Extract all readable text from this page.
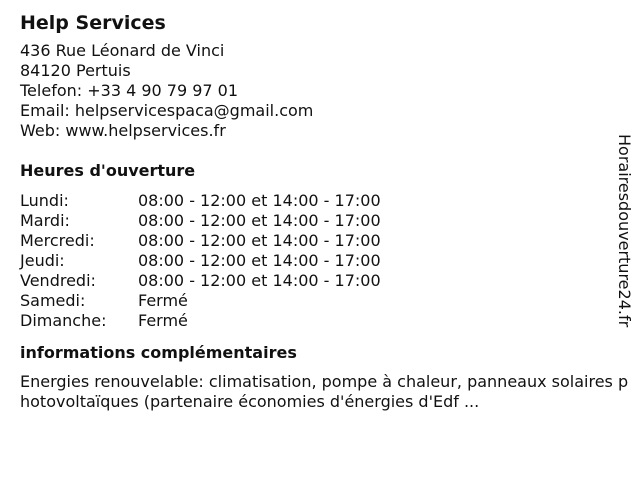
Help Services
436 Rue Léonard de Vinci
84120 Pertuis
Telefon: +33 4 90 79 97 01
Email: helpservicespaca@gmail.com
Web: www.helpservices.fr
Heures d'ouverture
Lundi:	08:00 - 12:00 et 14:00 - 17:00
Mardi:	08:00 - 12:00 et 14:00 - 17:00
Mercredi:	08:00 - 12:00 et 14:00 - 17:00
Jeudi:	08:00 - 12:00 et 14:00 - 17:00
Vendredi:	08:00 - 12:00 et 14:00 - 17:00
Samedi:	Fermé
Dimanche:	Fermé
informations complémentaires
Energies renouvelable: climatisation, pompe à chaleur, panneaux solaires photovoltaïques (partenaire économies d'énergies d'Edf ...
Horairesdouverture24.fr
